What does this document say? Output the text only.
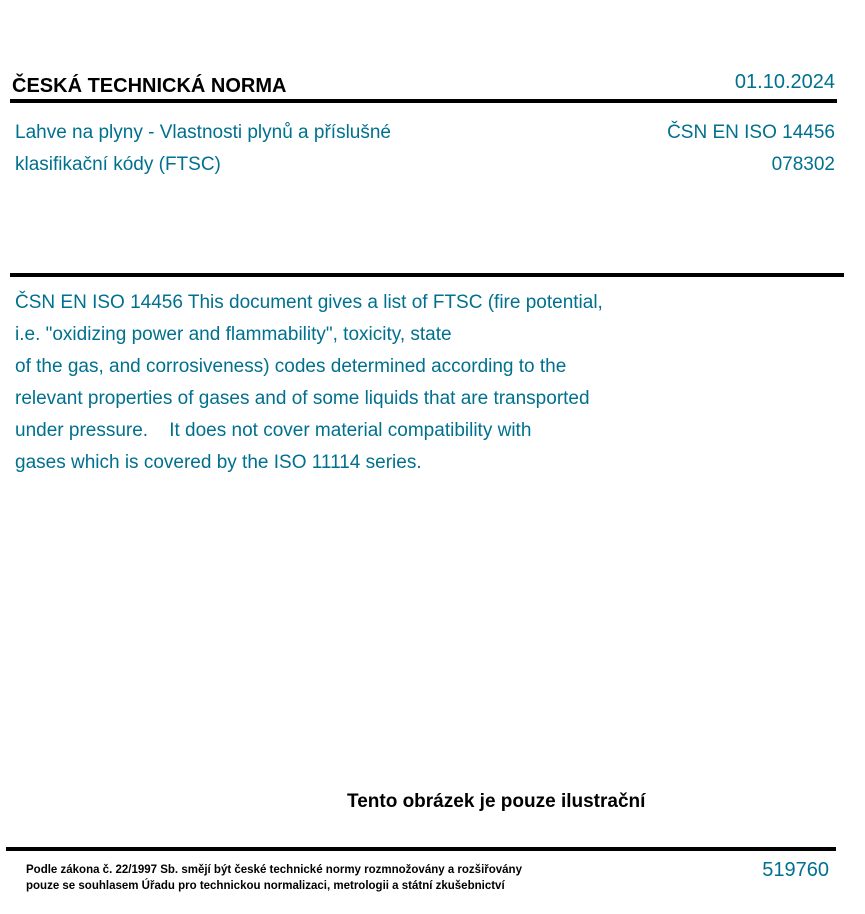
ČESKÁ TECHNICKÁ NORMA	01.10.2024
Lahve na plyny - Vlastnosti plynů a příslušné
klasifikační kódy (FTSC)
ČSN EN ISO 14456
078302
ČSN EN ISO 14456 This document gives a list of FTSC (fire potential,
i.e. "oxidizing power and flammability", toxicity, state
of the gas, and corrosiveness) codes determined according to the
relevant properties of gases and of some liquids that are transported
under pressure.    It does not cover material compatibility with
gases which is covered by the ISO 11114 series.
Tento obrázek je pouze ilustrační
Podle zákona č. 22/1997 Sb. smějí být české technické normy rozmnožovány a rozšiřovány
pouze se souhlasem Úřadu pro technickou normalizaci, metrologii a státní zkušebnictví
519760
